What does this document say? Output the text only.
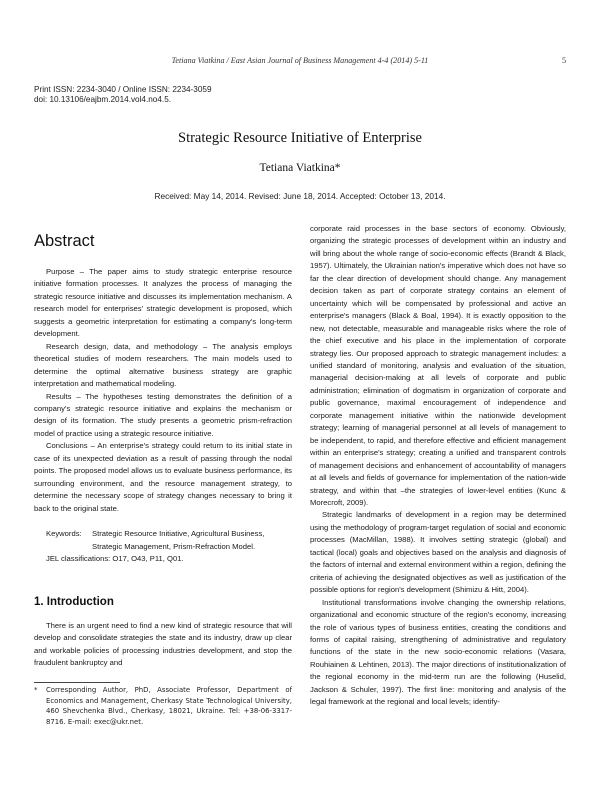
Tetiana Viatkina / East Asian Journal of Business Management 4-4 (2014) 5-11	5
Print ISSN: 2234-3040 / Online ISSN: 2234-3059
doi: 10.13106/eajbm.2014.vol4.no4.5.
Strategic Resource Initiative of Enterprise
Tetiana Viatkina*
Received: May 14, 2014. Revised: June 18, 2014. Accepted: October 13, 2014.
Abstract

Purpose – The paper aims to study strategic enterprise resource initiative formation processes. It analyzes the process of managing the strategic resource initiative and discusses its implementation mechanism. A research model for enterprises' strategic development is proposed, which suggests a geometric interpretation for estimating a company's long-term development.

Research design, data, and methodology – The analysis employs theoretical studies of modern researchers. The main models used to determine the optimal alternative business strategy are graphic interpretation and mathematical modeling.

Results – The hypotheses testing demonstrates the definition of a company's strategic resource initiative and explains the mechanism or design of its formation. The study presents a geometric prism-refraction model of practice using a strategic resource initiative.

Conclusions – An enterprise's strategy could return to its initial state in case of its unexpected deviation as a result of passing through the nodal points. The proposed model allows us to evaluate business performance, its surrounding environment, and the resource management strategy, to determine the necessary scope of strategy changes necessary to bring it back to the original state.

Keywords:	Strategic Resource Initiative, Agricultural Business, Strategic Management, Prism-Refraction Model.

JEL classifications: O17, O43, P11, Q01.

1. Introduction

There is an urgent need to find a new kind of strategic resource that will develop and consolidate strategies the state and its industry, draw up clear and workable policies of processing industries development, and stop the fraudulent bankruptcy and

* Corresponding Author, PhD, Associate Professor, Department of Economics and Management, Cherkasy State Technological University, 460 Shevchenka Blvd., Cherkasy, 18021, Ukraine. Tel: +38-06-3317-8716. E-mail: exec@ukr.net.

corporate raid processes in the base sectors of economy. Obviously, organizing the strategic processes of development within an industry and will bring about the whole range of socio-economic effects (Brandt & Black, 1957). Ultimately, the Ukrainian nation's imperative which does not have so far the clear direction of development should change. Any management decision taken as part of corporate strategy contains an element of uncertainty which will be compensated by professional and active an enterprise's managers (Black & Boal, 1994). It is exactly opposition to the new, not detectable, measurable and manageable risks where the role of the chief executive and his place in the implementation of corporate strategy lies. Our proposed approach to strategic management includes: a unified standard of monitoring, analysis and evaluation of the situation, managerial decision-making at all levels of corporate and public administration; elimination of dogmatism in organization of corporate and public governance, maximal encouragement of independence and corporate management initiative within the nationwide development strategy; learning of managerial personnel at all levels of management to be independent, to rapid, and therefore effective and efficient management within an enterprise's strategy; creating a unified and transparent controls of management decisions and enhancement of accountability of managers at all levels and fields of governance for implementation of the nation-wide strategy, and within that –the strategies of lower-level entities (Kunc & Morecroft, 2009).

Strategic landmarks of development in a region may be determined using the methodology of program-target regulation of social and economic processes (MacMillan, 1988). It involves setting strategic (global) and tactical (local) goals and objectives based on the analysis and diagnosis of the factors of internal and external environment within a region, defining the criteria of achieving the designated objectives as well as justification of the possible options for region's development (Shimizu & Hitt, 2004).

Institutional transformations involve changing the ownership relations, organizational and economic structure of the region's economy, increasing the role of various types of business entities, creating the conditions and forms of capital raising, strengthening of administrative and regulatory functions of the state in the new socio-economic relations (Vasara, Rouhiainen & Lehtinen, 2013). The major directions of institutionalization of the regional economy in the mid-term run are the following (Huselid, Jackson & Schuler, 1997). The first line: monitoring and analysis of the legal framework at the regional and local levels; identify-
